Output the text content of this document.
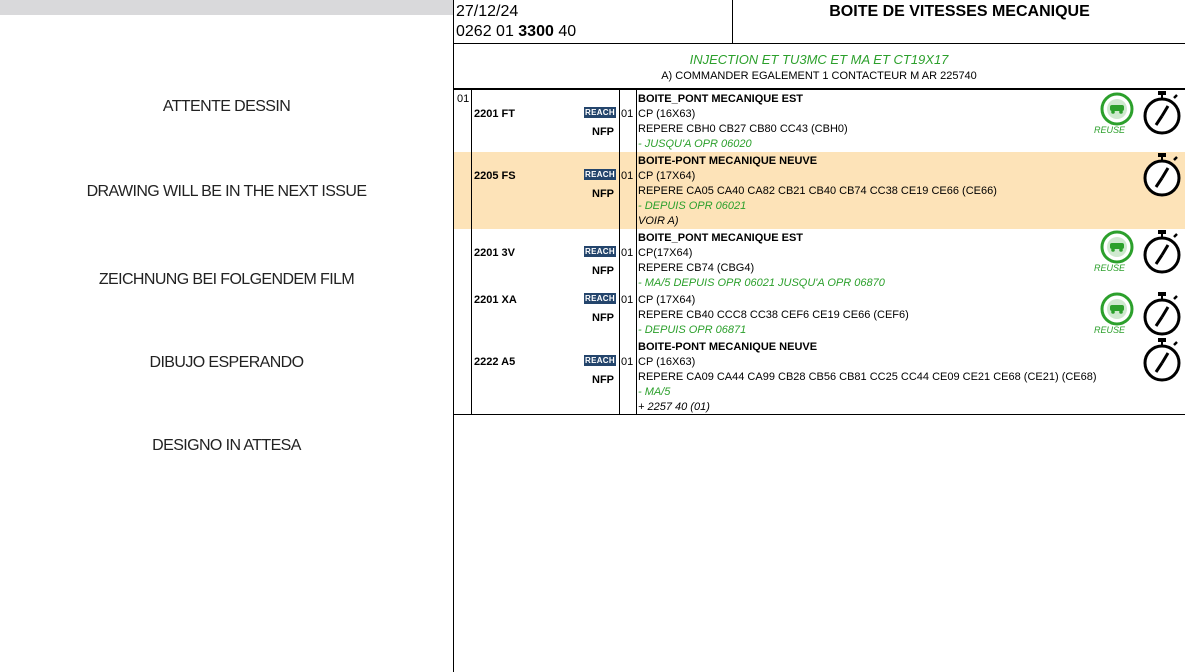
ATTENTE DESSIN
DRAWING WILL BE IN THE NEXT ISSUE
ZEICHNUNG BEI FOLGENDEM FILM
DIBUJO ESPERANDO
DESIGNO IN ATTESA
27/12/24
0262 01 3300 40
BOITE DE VITESSES MECANIQUE
INJECTION ET TU3MC ET MA ET CT19X17
A) COMMANDER EGALEMENT 1 CONTACTEUR M AR 225740
01
2201 FT	REACH 01
NFP
BOITE_PONT MECANIQUE EST
CP (16X63)
REPERE CBH0 CB27 CB80 CC43 (CBH0)
- JUSQU'A OPR 06020
2205 FS	REACH 01
NFP
BOITE-PONT MECANIQUE NEUVE
CP (17X64)
REPERE CA05 CA40 CA82 CB21 CB40 CB74 CC38 CE19 CE66 (CE66)
- DEPUIS OPR 06021
VOIR A)
2201 3V	REACH 01
NFP
BOITE_PONT MECANIQUE EST
CP(17X64)
REPERE CB74 (CBG4)
- MA/5 DEPUIS OPR 06021 JUSQU'A OPR 06870
2201 XA	REACH 01
NFP
CP (17X64)
REPERE CB40 CCC8 CC38 CEF6 CE19 CE66 (CEF6)
- DEPUIS OPR 06871
2222 A5	REACH 01
NFP
BOITE-PONT MECANIQUE NEUVE
CP (16X63)
REPERE CA09 CA44 CA99 CB28 CB56 CB81 CC25 CC44 CE09 CE21 CE68 (CE21) (CE68)
- MA/5
+ 2257 40 (01)
REUSE
REUSE
REUSE
